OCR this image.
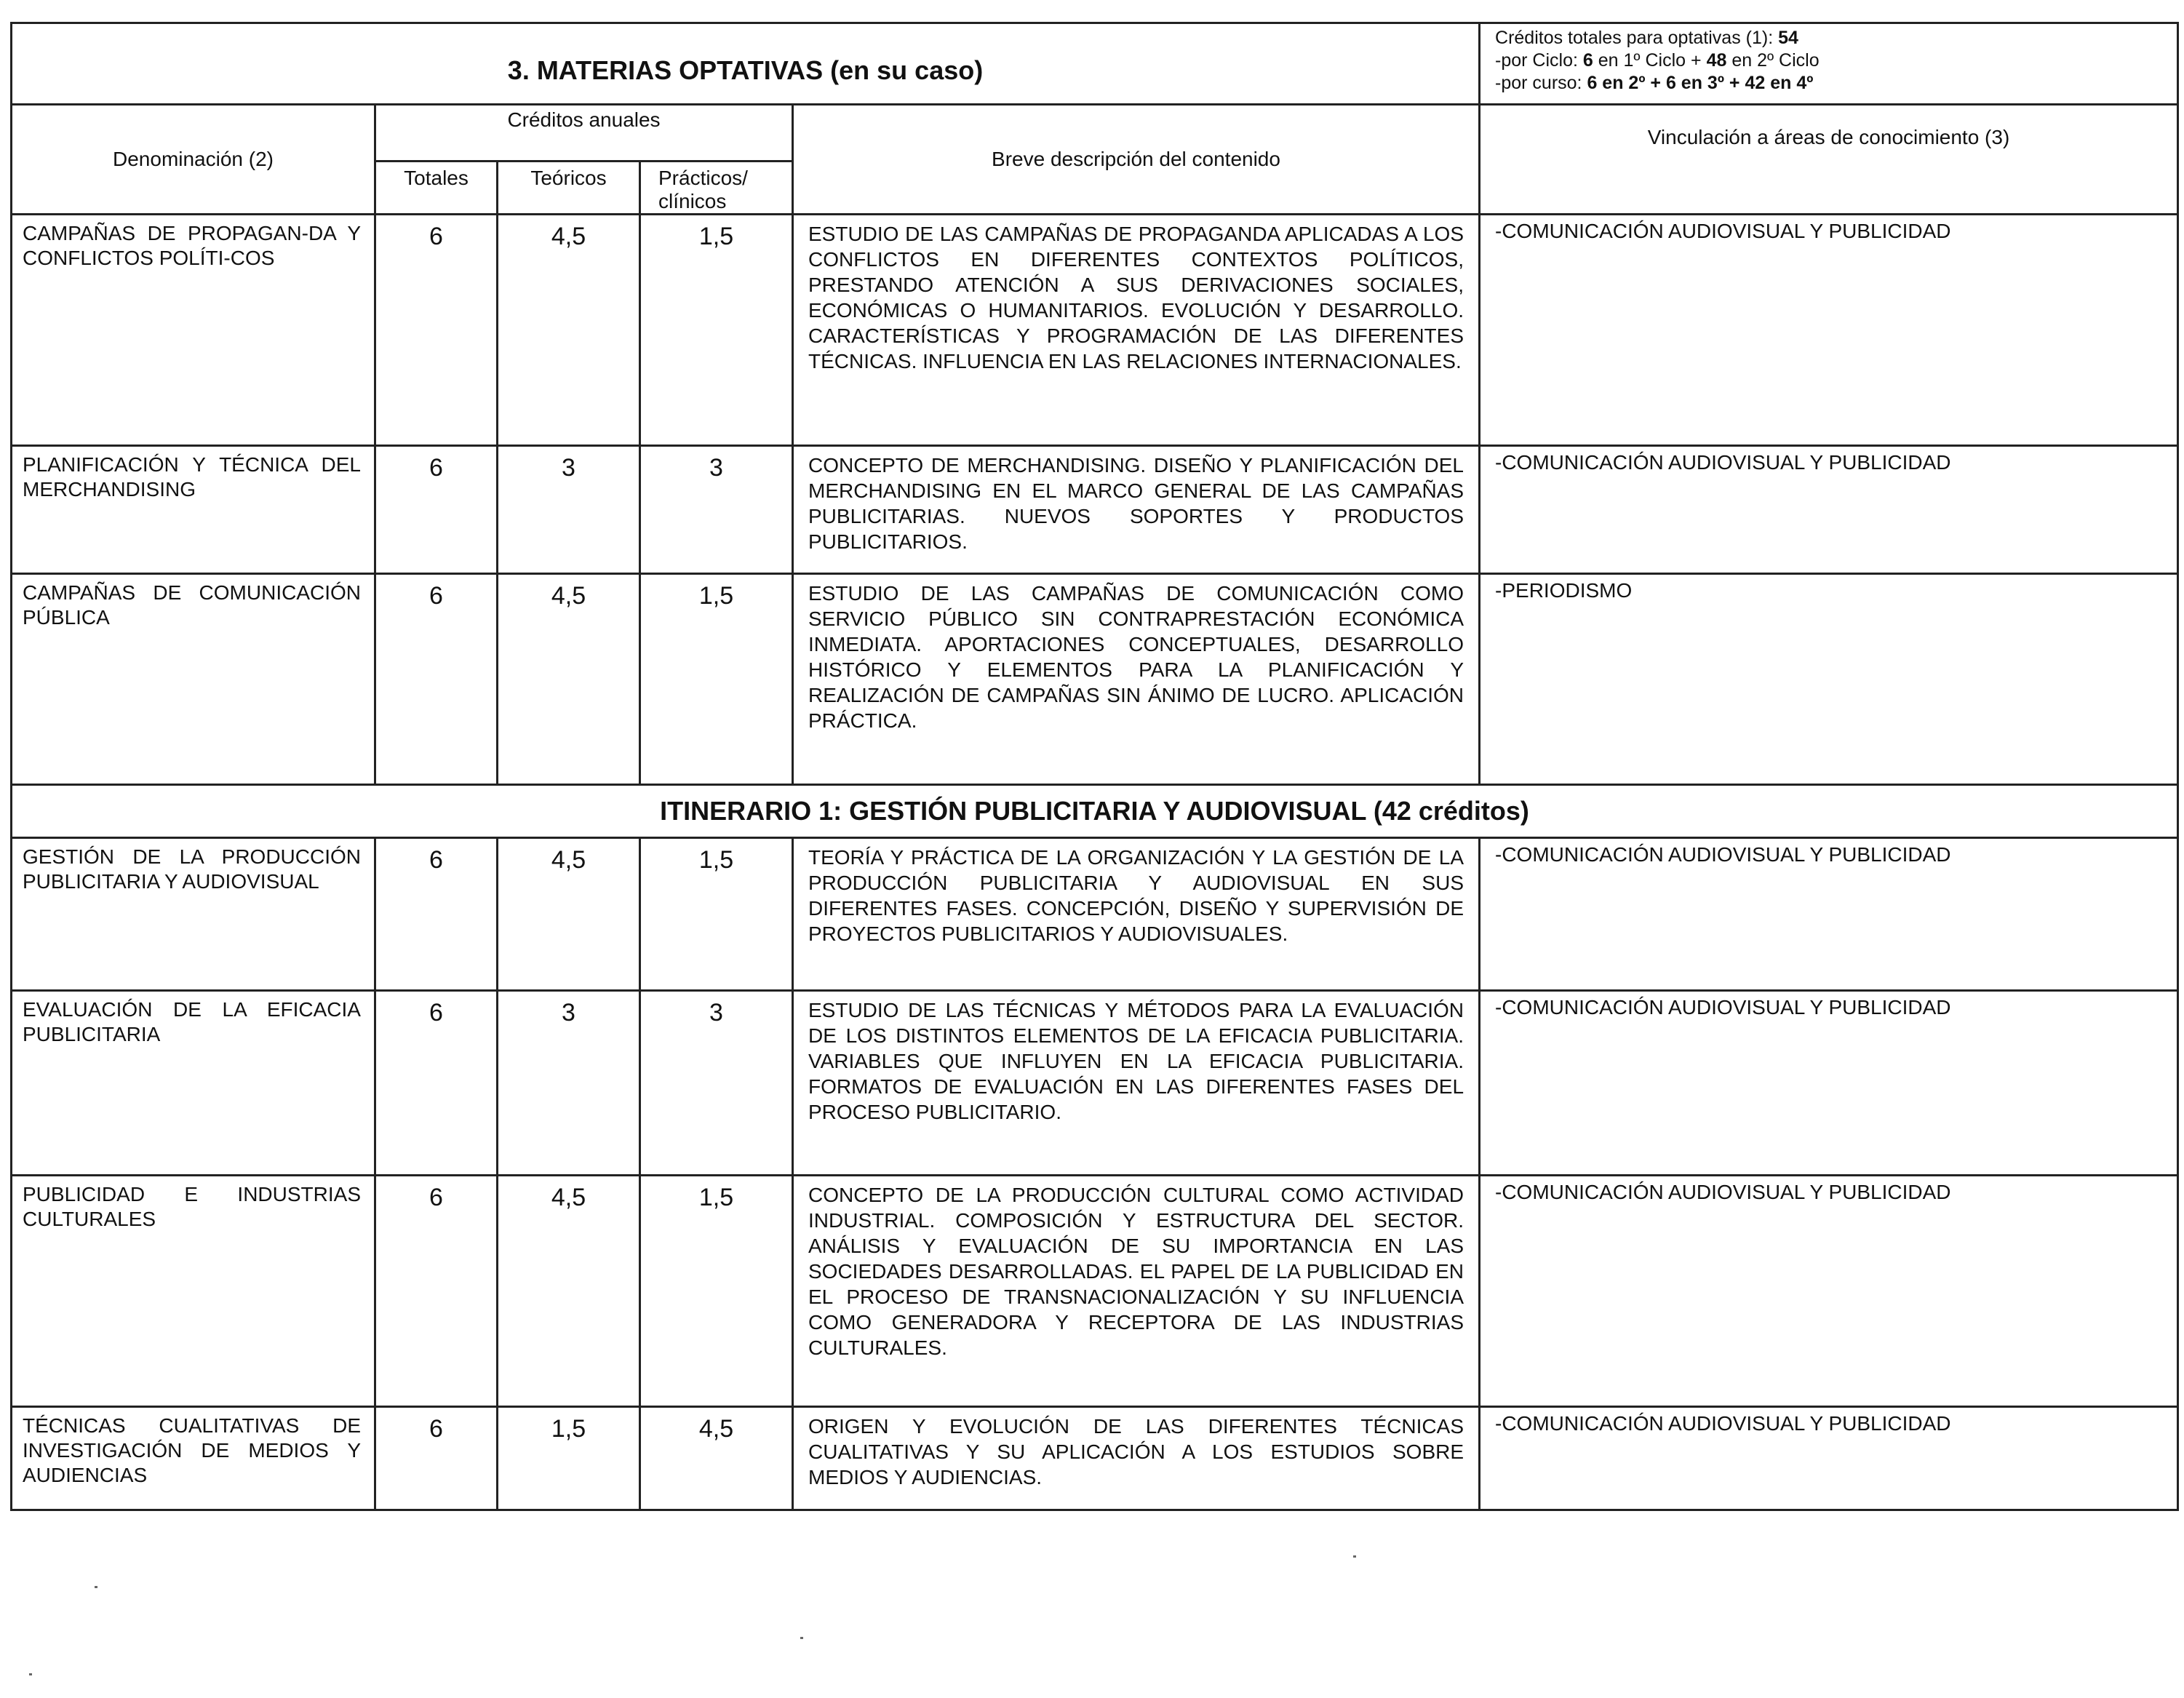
3. MATERIAS OPTATIVAS (en su caso)					Créditos totales para optativas (1): 54
-por Ciclo: 6 en 1º Ciclo + 48 en 2º Ciclo
-por curso: 6 en 2º + 6 en 3º + 42 en 4º

Denominación (2)	Créditos anuales			Breve descripción del contenido	Vinculación a áreas de conocimiento (3)
	Totales	Teóricos	Prácticos/ clínicos		
CAMPAÑAS DE PROPAGAN-DA Y CONFLICTOS POLÍTI-COS	6	4,5	1,5	ESTUDIO DE LAS CAMPAÑAS DE PROPAGANDA APLICADAS A LOS CONFLICTOS EN DIFERENTES CONTEXTOS POLÍTICOS, PRESTANDO ATENCIÓN A SUS DERIVACIONES SOCIALES, ECONÓMICAS O HUMANITARIOS. EVOLUCIÓN Y DESARROLLO. CARACTERÍSTICAS Y PROGRAMACIÓN DE LAS DIFERENTES TÉCNICAS. INFLUENCIA EN LAS RELACIONES INTERNACIONALES.	-COMUNICACIÓN AUDIOVISUAL Y PUBLICIDAD
PLANIFICACIÓN Y TÉCNICA DEL MERCHANDISING	6	3	3	CONCEPTO DE MERCHANDISING. DISEÑO Y PLANIFICACIÓN DEL MERCHANDISING EN EL MARCO GENERAL DE LAS CAMPAÑAS PUBLICITARIAS. NUEVOS SOPORTES Y PRODUCTOS PUBLICITARIOS.	-COMUNICACIÓN AUDIOVISUAL Y PUBLICIDAD
CAMPAÑAS DE COMUNICACIÓN PÚBLICA	6	4,5	1,5	ESTUDIO DE LAS CAMPAÑAS DE COMUNICACIÓN COMO SERVICIO PÚBLICO SIN CONTRAPRESTACIÓN ECONÓMICA INMEDIATA. APORTACIONES CONCEPTUALES, DESARROLLO HISTÓRICO Y ELEMENTOS PARA LA PLANIFICACIÓN Y REALIZACIÓN DE CAMPAÑAS SIN ÁNIMO DE LUCRO. APLICACIÓN PRÁCTICA.	-PERIODISMO
ITINERARIO 1: GESTIÓN PUBLICITARIA Y AUDIOVISUAL (42 créditos)					
GESTIÓN DE LA PRODUCCIÓN PUBLICITARIA Y AUDIOVISUAL	6	4,5	1,5	TEORÍA Y PRÁCTICA DE LA ORGANIZACIÓN Y LA GESTIÓN DE LA PRODUCCIÓN PUBLICITARIA Y AUDIOVISUAL EN SUS DIFERENTES FASES. CONCEPCIÓN, DISEÑO Y SUPERVISIÓN DE PROYECTOS PUBLICITARIOS Y AUDIOVISUALES.	-COMUNICACIÓN AUDIOVISUAL Y PUBLICIDAD
EVALUACIÓN DE LA EFICACIA PUBLICITARIA	6	3	3	ESTUDIO DE LAS TÉCNICAS Y MÉTODOS PARA LA EVALUACIÓN DE LOS DISTINTOS ELEMENTOS DE LA EFICACIA PUBLICITARIA. VARIABLES QUE INFLUYEN EN LA EFICACIA PUBLICITARIA. FORMATOS DE EVALUACIÓN EN LAS DIFERENTES FASES DEL PROCESO PUBLICITARIO.	-COMUNICACIÓN AUDIOVISUAL Y PUBLICIDAD
PUBLICIDAD E INDUSTRIAS CULTURALES	6	4,5	1,5	CONCEPTO DE LA PRODUCCIÓN CULTURAL COMO ACTIVIDAD INDUSTRIAL. COMPOSICIÓN Y ESTRUCTURA DEL SECTOR. ANÁLISIS Y EVALUACIÓN DE SU IMPORTANCIA EN LAS SOCIEDADES DESARROLLADAS. EL PAPEL DE LA PUBLICIDAD EN EL PROCESO DE TRANSNACIONALIZACIÓN Y SU INFLUENCIA COMO GENERADORA Y RECEPTORA DE LAS INDUSTRIAS CULTURALES.	-COMUNICACIÓN AUDIOVISUAL Y PUBLICIDAD
TÉCNICAS CUALITATIVAS DE INVESTIGACIÓN DE MEDIOS Y AUDIENCIAS	6	1,5	4,5	ORIGEN Y EVOLUCIÓN DE LAS DIFERENTES TÉCNICAS CUALITATIVAS Y SU APLICACIÓN A LOS ESTUDIOS SOBRE MEDIOS Y AUDIENCIAS.	-COMUNICACIÓN AUDIOVISUAL Y PUBLICIDAD
